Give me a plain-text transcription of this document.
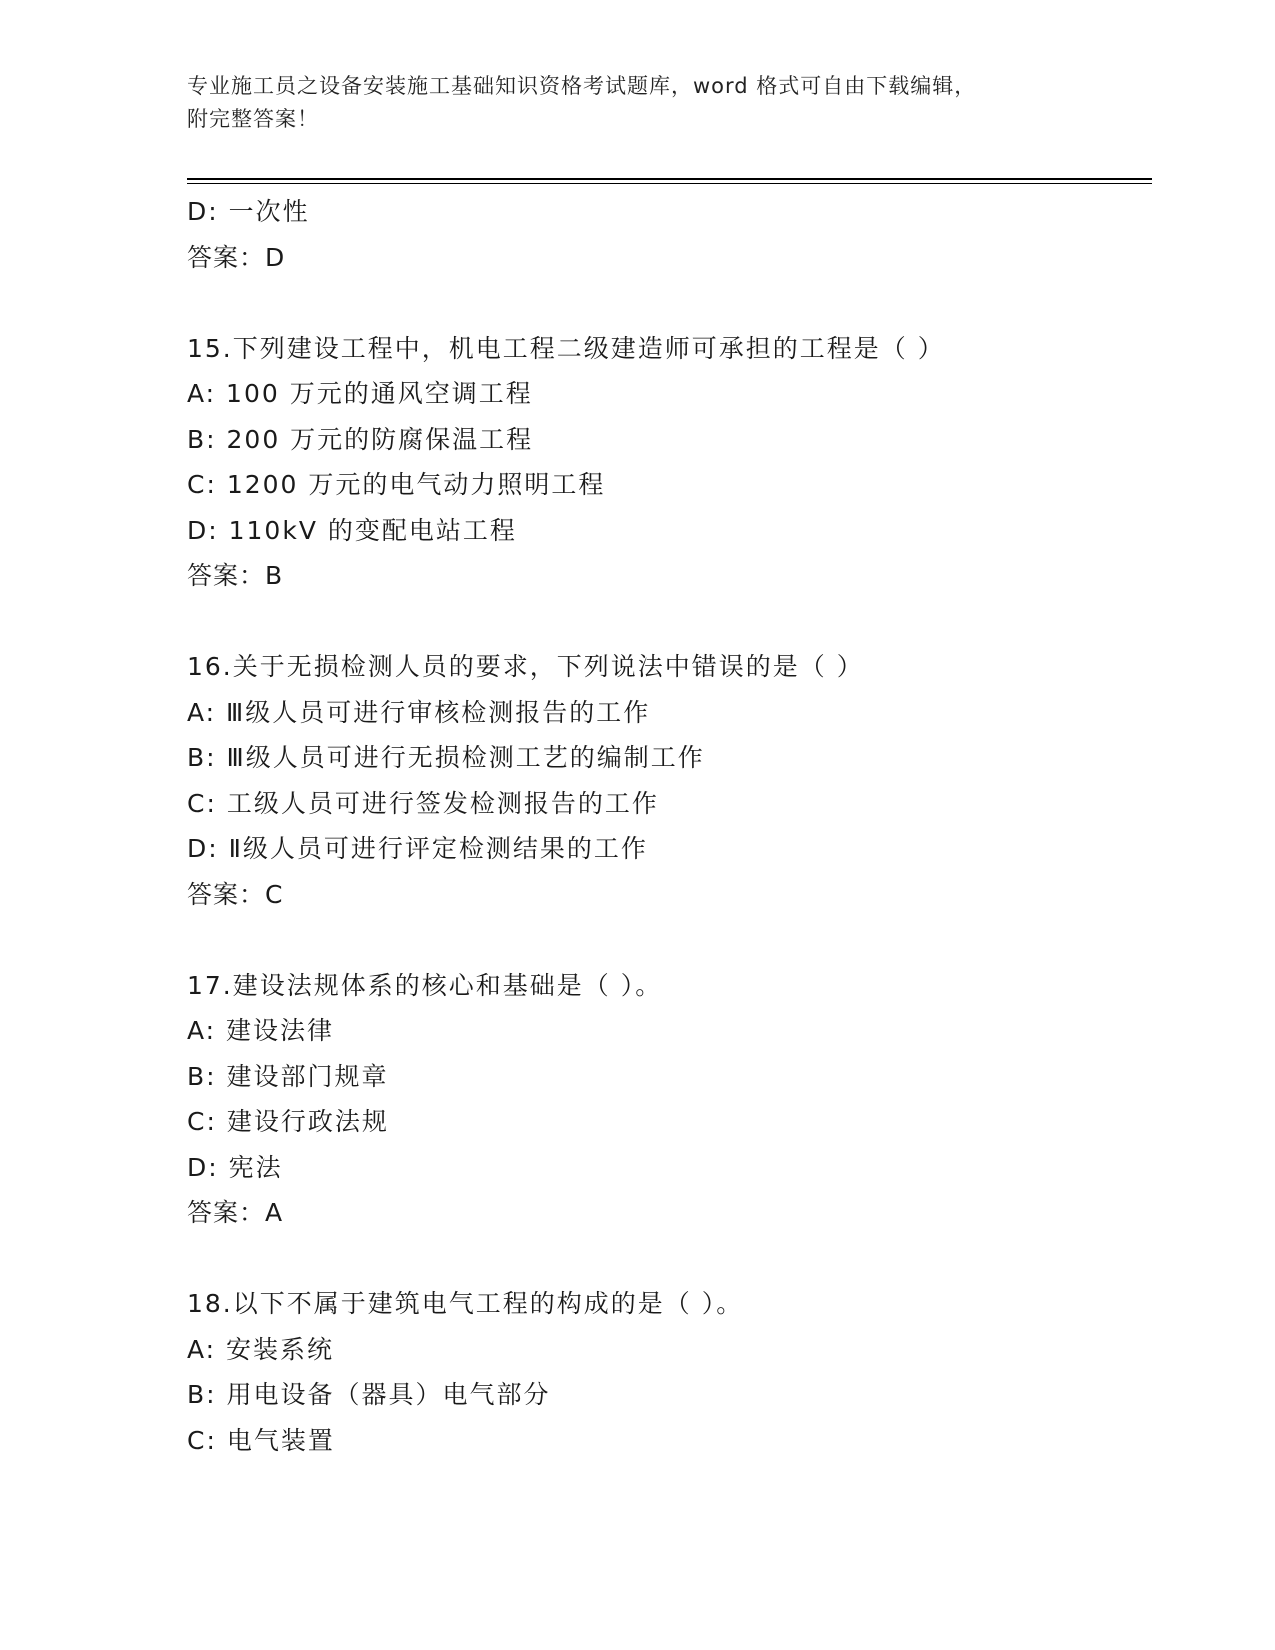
专业施工员之设备安装施工基础知识资格考试题库，word 格式可自由下载编辑，
附完整答案！
D: 一次性
答案：D
15.下列建设工程中，机电工程二级建造师可承担的工程是（ ）
A: 100 万元的通风空调工程
B: 200 万元的防腐保温工程
C: 1200 万元的电气动力照明工程
D: 110kV 的变配电站工程
答案：B
16.关于无损检测人员的要求，下列说法中错误的是（ ）
A: Ⅲ级人员可进行审核检测报告的工作
B: Ⅲ级人员可进行无损检测工艺的编制工作
C: 工级人员可进行签发检测报告的工作
D: Ⅱ级人员可进行评定检测结果的工作
答案：C
17.建设法规体系的核心和基础是（ ）。
A: 建设法律
B: 建设部门规章
C: 建设行政法规
D: 宪法
答案：A
18.以下不属于建筑电气工程的构成的是（ ）。
A: 安装系统
B: 用电设备（器具）电气部分
C: 电气装置
